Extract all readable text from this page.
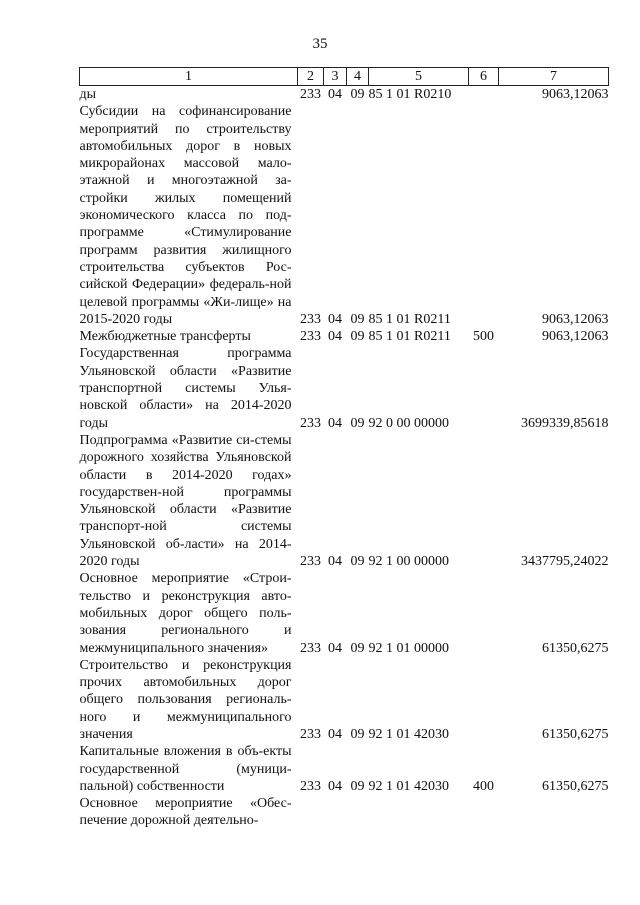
35
1	2	3	4	5	6	7
ды	233	04	09	85 1 01 R0210		9063,12063
Субсидии на софинансирование мероприятий по строительству автомобильных дорог в новых микрорайонах массовой мало-этажной и многоэтажной за-стройки жилых помещений экономического класса по под-программе «Стимулирование программ развития жилищного строительства субъектов Рос-сийской Федерации» федераль-ной целевой программы «Жи-лище» на 2015-2020 годы	233	04	09	85 1 01 R0211		9063,12063
Межбюджетные трансферты	233	04	09	85 1 01 R0211	500	9063,12063
Государственная программа Ульяновской области «Развитие транспортной системы Улья-новской области» на 2014-2020 годы	233	04	09	92 0 00 00000		3699339,85618
Подпрограмма «Развитие си-стемы дорожного хозяйства Ульяновской области в 2014-2020 годах» государствен-ной программы Ульяновской области «Развитие транспорт-ной системы Ульяновской об-ласти» на 2014-2020 годы	233	04	09	92 1 00 00000		3437795,24022
Основное мероприятие «Строи-тельство и реконструкция авто-мобильных дорог общего поль-зования регионального и межмуниципального значения»	233	04	09	92 1 01 00000		61350,6275
Строительство и реконструкция прочих автомобильных дорог общего пользования региональ-ного и межмуниципального значения	233	04	09	92 1 01 42030		61350,6275
Капитальные вложения в объ-екты государственной (муници-пальной) собственности	233	04	09	92 1 01 42030	400	61350,6275
Основное мероприятие «Обес-печение дорожной деятельно-						
